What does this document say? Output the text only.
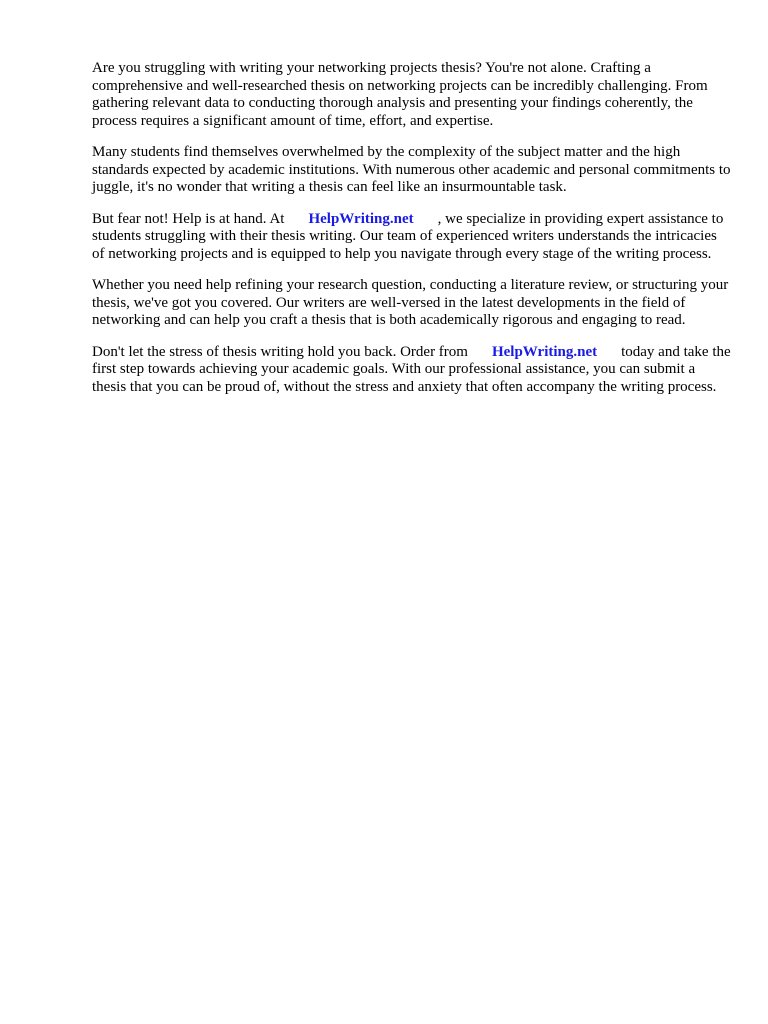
Are you struggling with writing your networking projects thesis? You're not alone. Crafting a comprehensive and well-researched thesis on networking projects can be incredibly challenging. From gathering relevant data to conducting thorough analysis and presenting your findings coherently, the process requires a significant amount of time, effort, and expertise.

Many students find themselves overwhelmed by the complexity of the subject matter and the high standards expected by academic institutions. With numerous other academic and personal commitments to juggle, it's no wonder that writing a thesis can feel like an insurmountable task.

But fear not! Help is at hand. At HelpWriting.net , we specialize in providing expert assistance to students struggling with their thesis writing. Our team of experienced writers understands the intricacies of networking projects and is equipped to help you navigate through every stage of the writing process.

Whether you need help refining your research question, conducting a literature review, or structuring your thesis, we've got you covered. Our writers are well-versed in the latest developments in the field of networking and can help you craft a thesis that is both academically rigorous and engaging to read.

Don't let the stress of thesis writing hold you back. Order from HelpWriting.net today and take the first step towards achieving your academic goals. With our professional assistance, you can submit a thesis that you can be proud of, without the stress and anxiety that often accompany the writing process.
